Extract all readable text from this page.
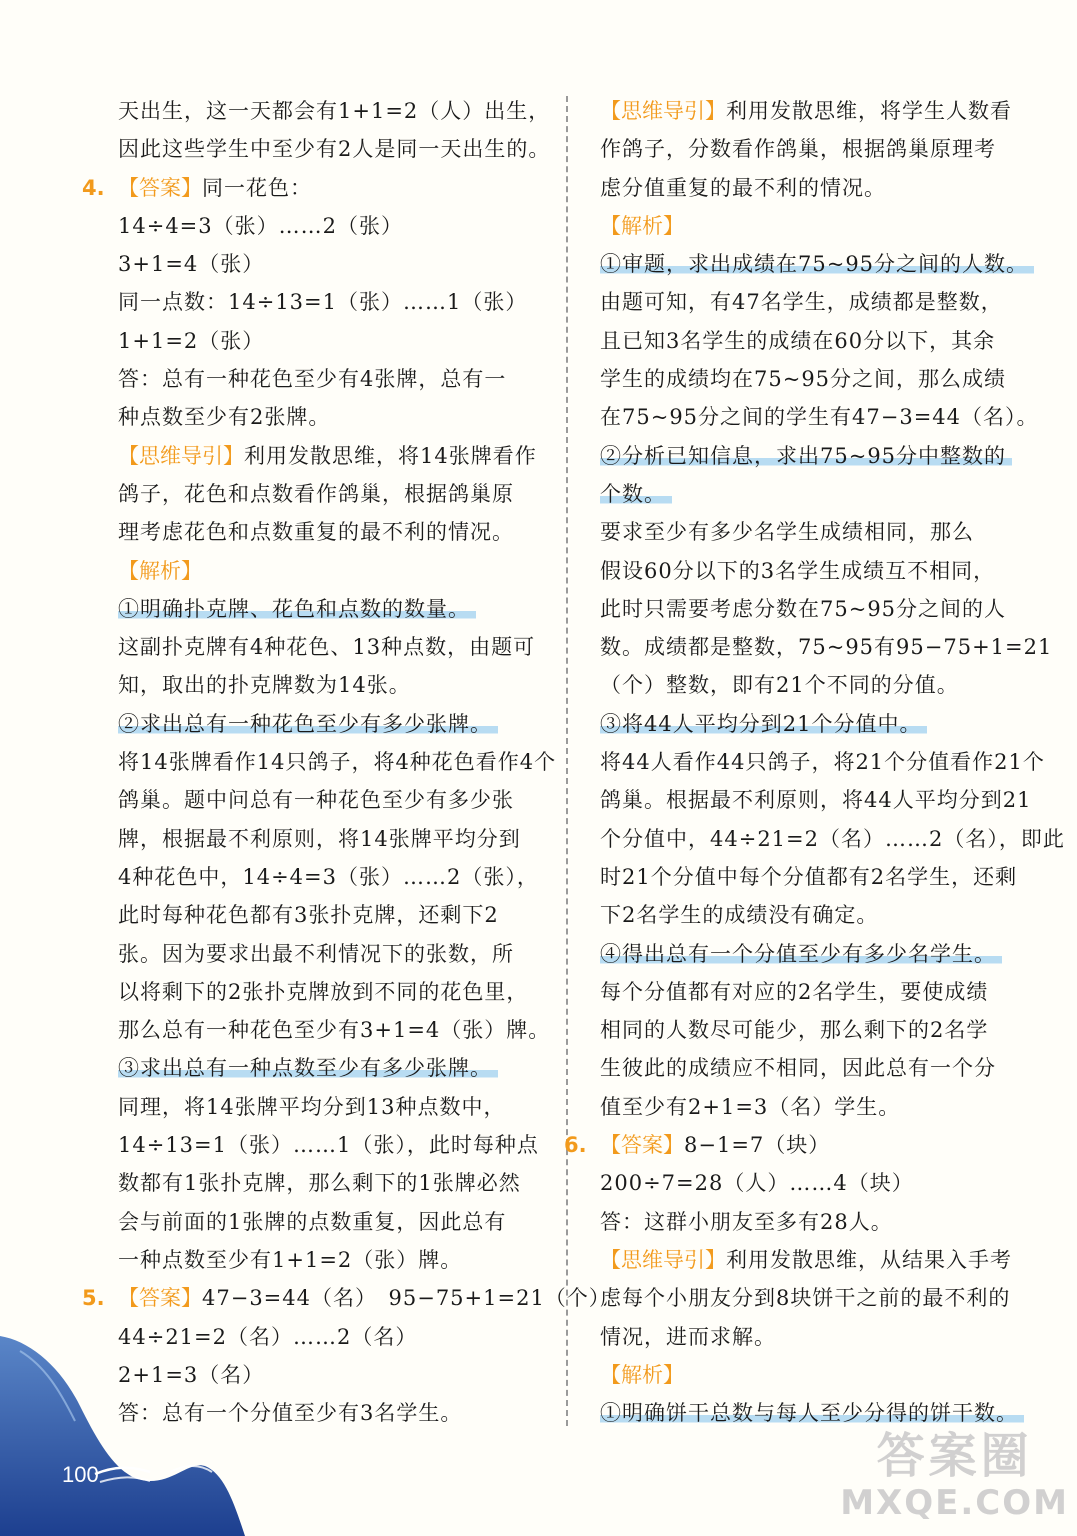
天出生，这一天都会有1+1=2（人）出生，
因此这些学生中至少有2人是同一天出生的。
4. 【答案】同一花色：
14÷4=3（张）……2（张）
3+1=4（张）
同一点数：14÷13=1（张）……1（张）
1+1=2（张）
答：总有一种花色至少有4张牌，总有一
种点数至少有2张牌。
【思维导引】利用发散思维，将14张牌看作
鸽子，花色和点数看作鸽巢，根据鸽巢原
理考虑花色和点数重复的最不利的情况。
【解析】
①明确扑克牌、花色和点数的数量。
这副扑克牌有4种花色、13种点数，由题可
知，取出的扑克牌数为14张。
②求出总有一种花色至少有多少张牌。
将14张牌看作14只鸽子，将4种花色看作4个
鸽巢。题中问总有一种花色至少有多少张
牌，根据最不利原则，将14张牌平均分到
4种花色中，14÷4=3（张）……2（张），
此时每种花色都有3张扑克牌，还剩下2
张。因为要求出最不利情况下的张数，所
以将剩下的2张扑克牌放到不同的花色里，
那么总有一种花色至少有3+1=4（张）牌。
③求出总有一种点数至少有多少张牌。
同理，将14张牌平均分到13种点数中，
14÷13=1（张）……1（张），此时每种点
数都有1张扑克牌，那么剩下的1张牌必然
会与前面的1张牌的点数重复，因此总有
一种点数至少有1+1=2（张）牌。
5. 【答案】47−3=44（名）　95−75+1=21（个）
44÷21=2（名）……2（名）
2+1=3（名）
答：总有一个分值至少有3名学生。
【思维导引】利用发散思维，将学生人数看
作鸽子，分数看作鸽巢，根据鸽巢原理考
虑分值重复的最不利的情况。
【解析】
①审题，求出成绩在75~95分之间的人数。
由题可知，有47名学生，成绩都是整数，
且已知3名学生的成绩在60分以下，其余
学生的成绩均在75~95分之间，那么成绩
在75~95分之间的学生有47−3=44（名）。
②分析已知信息，求出75~95分中整数的
个数。
要求至少有多少名学生成绩相同，那么
假设60分以下的3名学生成绩互不相同，
此时只需要考虑分数在75~95分之间的人
数。成绩都是整数，75~95有95−75+1=21
（个）整数，即有21个不同的分值。
③将44人平均分到21个分值中。
将44人看作44只鸽子，将21个分值看作21个
鸽巢。根据最不利原则，将44人平均分到21
个分值中，44÷21=2（名）……2（名），即此
时21个分值中每个分值都有2名学生，还剩
下2名学生的成绩没有确定。
④得出总有一个分值至少有多少名学生。
每个分值都有对应的2名学生，要使成绩
相同的人数尽可能少，那么剩下的2名学
生彼此的成绩应不相同，因此总有一个分
值至少有2+1=3（名）学生。
6. 【答案】8−1=7（块）
200÷7=28（人）……4（块）
答：这群小朋友至多有28人。
【思维导引】利用发散思维，从结果入手考
虑每个小朋友分到8块饼干之前的最不利的
情况，进而求解。
【解析】
①明确饼干总数与每人至少分得的饼干数。
100	答案圈
MXQE.COM
